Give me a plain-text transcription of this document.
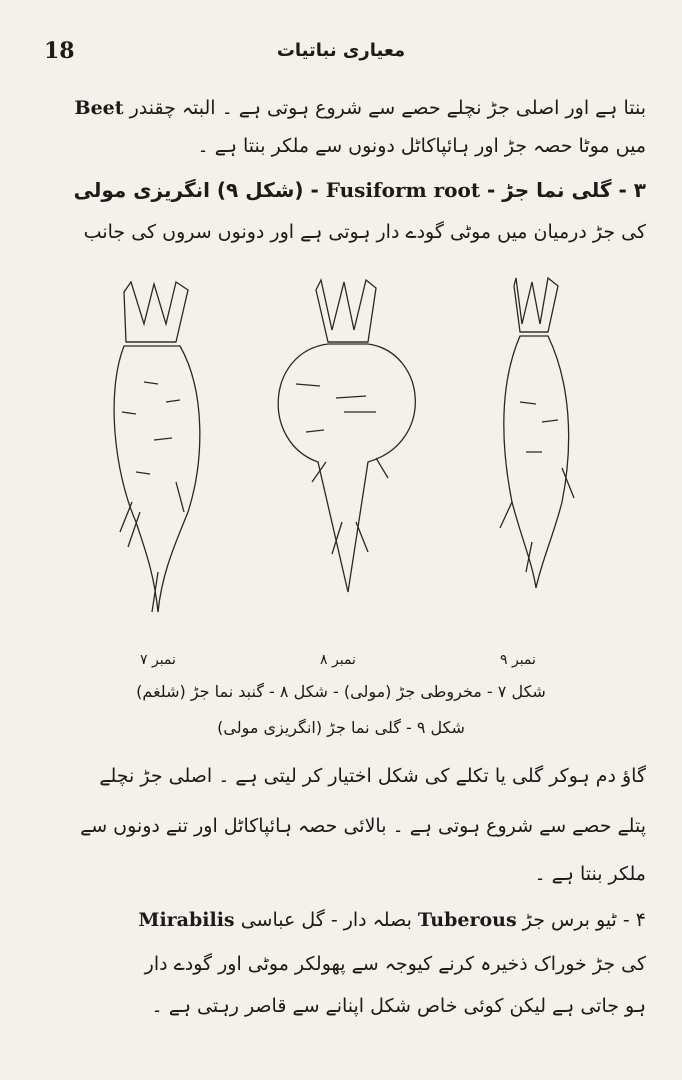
18	معیاری نباتیات
بنتا ہے اور اصلی جڑ نچلے حصے سے شروع ہوتی ہے ۔ البتہ چقندر Beet
میں موٹا حصہ جڑ اور ہائپاکاٹل دونوں سے ملکر بنتا ہے ۔
۳ - گلی نما جڑ - Fusiform root - (شکل ۹) انگریزی مولی
کی جڑ درمیان میں موٹی گودے دار ہوتی ہے اور دونوں سروں کی جانب
نمبر ۹
نمبر ۸
نمبر ۷
شکل ۷ - مخروطی جڑ (مولی) - شکل ۸ - گنبد نما جڑ (شلغم)
شکل ۹ - گلی نما جڑ (انگریزی مولی)
گاؤ دم ہوکر گلی یا تکلے کی شکل اختیار کر لیتی ہے ۔ اصلی جڑ نچلے
پتلے حصے سے شروع ہوتی ہے ۔ بالائی حصہ ہائپاکاٹل اور تنے دونوں سے
ملکر بنتا ہے ۔
۴ - ٹیو برس جڑ Tuberous بصلہ دار - گل عباسی Mirabilis
کی جڑ خوراک ذخیرہ کرنے کیوجہ سے پھولکر موٹی اور گودے دار
ہو جاتی ہے لیکن کوئی خاص شکل اپنانے سے قاصر رہتی ہے ۔
